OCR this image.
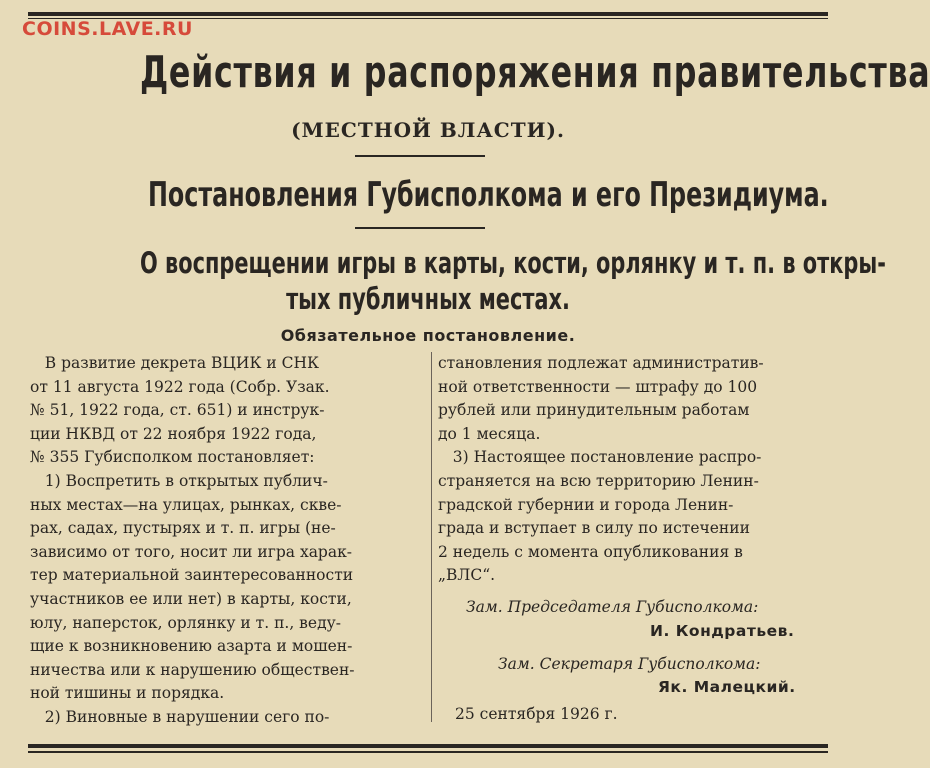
COINS.LAVE.RU
Действия и распоряжения правительства
(МЕСТНОЙ ВЛАСТИ).
Постановления Губисполкома и его Президиума.
О воспрещении игры в карты, кости, орлянку и т. п. в откры-
тых публичных местах.
Обязательное постановление.
В развитие декрета ВЦИК и СНК
от 11 августа 1922 года (Собр. Узак.
№ 51, 1922 года, ст. 651) и инструк-
ции НКВД от 22 ноября 1922 года,
№ 355 Губисполком постановляет:
1) Воспретить в открытых публич-
ных местах—на улицах, рынках, скве-
рах, садах, пустырях и т. п. игры (не-
зависимо от того, носит ли игра харак-
тер материальной заинтересованности
участников ее или нет) в карты, кости,
юлу, наперсток, орлянку и т. п., веду-
щие к возникновению азарта и мошен-
ничества или к нарушению обществен-
ной тишины и порядка.
2) Виновные в нарушении сего по-
становления подлежат административ-
ной ответственности — штрафу до 100
рублей или принудительным работам
до 1 месяца.
3) Настоящее постановление распро-
страняется на всю территорию Ленин-
градской губернии и города Ленин-
града и вступает в силу по истечении
2 недель с момента опубликования в
„ВЛС“.
Зам. Председателя Губисполкома:
И. Кондратьев.
Зам. Секретаря Губисполкома:
Як. Малецкий.
25 сентября 1926 г.
